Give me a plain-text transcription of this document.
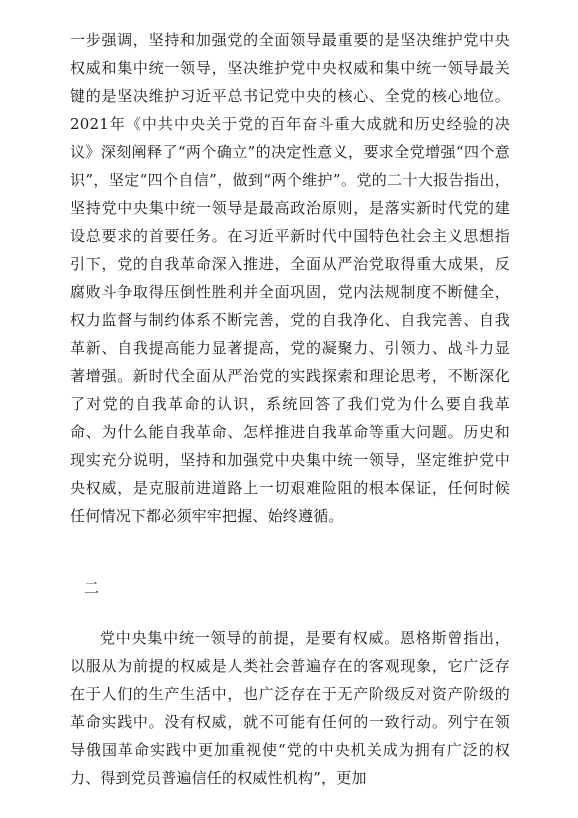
一步强调，坚持和加强党的全面领导最重要的是坚决维护党中央权威和集中统一领导，坚决维护党中央权威和集中统一领导最关键的是坚决维护习近平总书记党中央的核心、全党的核心地位。2021年《中共中央关于党的百年奋斗重大成就和历史经验的决议》深刻阐释了“两个确立”的决定性意义，要求全党增强“四个意识”，坚定“四个自信”，做到“两个维护”。党的二十大报告指出，坚持党中央集中统一领导是最高政治原则，是落实新时代党的建设总要求的首要任务。在习近平新时代中国特色社会主义思想指引下，党的自我革命深入推进，全面从严治党取得重大成果，反腐败斗争取得压倒性胜利并全面巩固，党内法规制度不断健全，权力监督与制约体系不断完善，党的自我净化、自我完善、自我革新、自我提高能力显著提高，党的凝聚力、引领力、战斗力显著增强。新时代全面从严治党的实践探索和理论思考，不断深化了对党的自我革命的认识，系统回答了我们党为什么要自我革命、为什么能自我革命、怎样推进自我革命等重大问题。历史和现实充分说明，坚持和加强党中央集中统一领导，坚定维护党中央权威，是克服前进道路上一切艰难险阻的根本保证，任何时候任何情况下都必须牢牢把握、始终遵循。

二

党中央集中统一领导的前提，是要有权威。恩格斯曾指出，以服从为前提的权威是人类社会普遍存在的客观现象，它广泛存在于人们的生产生活中，也广泛存在于无产阶级反对资产阶级的革命实践中。没有权威，就不可能有任何的一致行动。列宁在领导俄国革命实践中更加重视使“党的中央机关成为拥有广泛的权力、得到党员普遍信任的权威性机构”，更加
